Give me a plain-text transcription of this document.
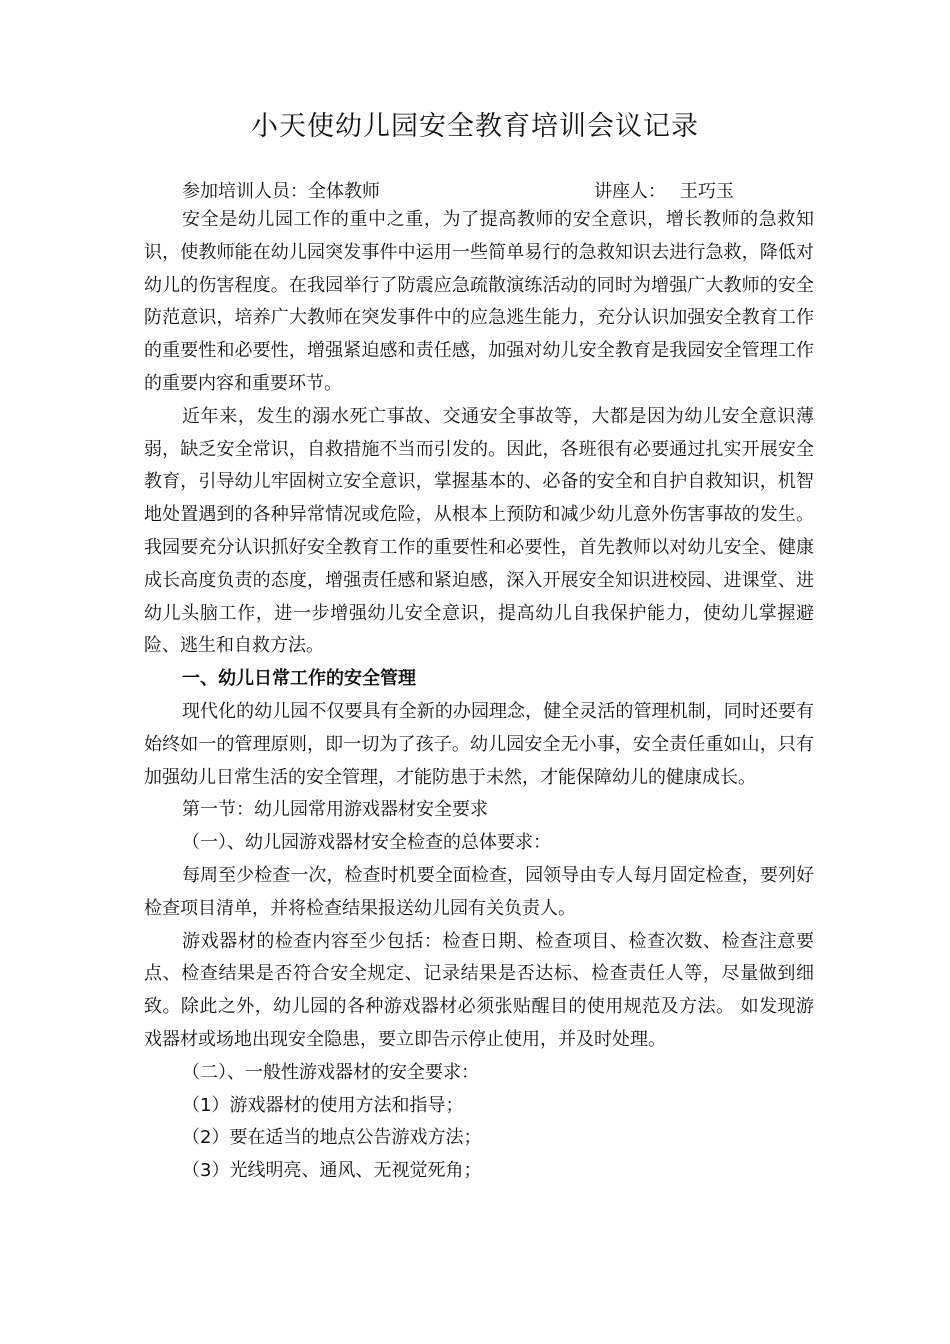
小天使幼儿园安全教育培训会议记录
参加培训人员：全体教师	讲座人： 王巧玉

安全是幼儿园工作的重中之重，为了提高教师的安全意识，增长教师的急救知识，使教师能在幼儿园突发事件中运用一些简单易行的急救知识去进行急救，降低对幼儿的伤害程度。在我园举行了防震应急疏散演练活动的同时为增强广大教师的安全防范意识，培养广大教师在突发事件中的应急逃生能力，充分认识加强安全教育工作的重要性和必要性，增强紧迫感和责任感，加强对幼儿安全教育是我园安全管理工作的重要内容和重要环节。

近年来，发生的溺水死亡事故、交通安全事故等，大都是因为幼儿安全意识薄弱，缺乏安全常识，自救措施不当而引发的。因此，各班很有必要通过扎实开展安全教育，引导幼儿牢固树立安全意识，掌握基本的、必备的安全和自护自救知识，机智地处置遇到的各种异常情况或危险，从根本上预防和减少幼儿意外伤害事故的发生。我园要充分认识抓好安全教育工作的重要性和必要性，首先教师以对幼儿安全、健康成长高度负责的态度，增强责任感和紧迫感，深入开展安全知识进校园、进课堂、进幼儿头脑工作，进一步增强幼儿安全意识，提高幼儿自我保护能力，使幼儿掌握避险、逃生和自救方法。

一、幼儿日常工作的安全管理

现代化的幼儿园不仅要具有全新的办园理念，健全灵活的管理机制，同时还要有始终如一的管理原则，即一切为了孩子。幼儿园安全无小事，安全责任重如山，只有加强幼儿日常生活的安全管理，才能防患于未然，才能保障幼儿的健康成长。

第一节：幼儿园常用游戏器材安全要求

（一）、幼儿园游戏器材安全检查的总体要求：

每周至少检查一次，检查时机要全面检查，园领导由专人每月固定检查，要列好检查项目清单，并将检查结果报送幼儿园有关负责人。

游戏器材的检查内容至少包括：检查日期、检查项目、检查次数、检查注意要点、检查结果是否符合安全规定、记录结果是否达标、检查责任人等，尽量做到细致。除此之外，幼儿园的各种游戏器材必须张贴醒目的使用规范及方法。 如发现游戏器材或场地出现安全隐患，要立即告示停止使用，并及时处理。

（二）、一般性游戏器材的安全要求：

（1）游戏器材的使用方法和指导；

（2）要在适当的地点公告游戏方法；

（3）光线明亮、通风、无视觉死角；
